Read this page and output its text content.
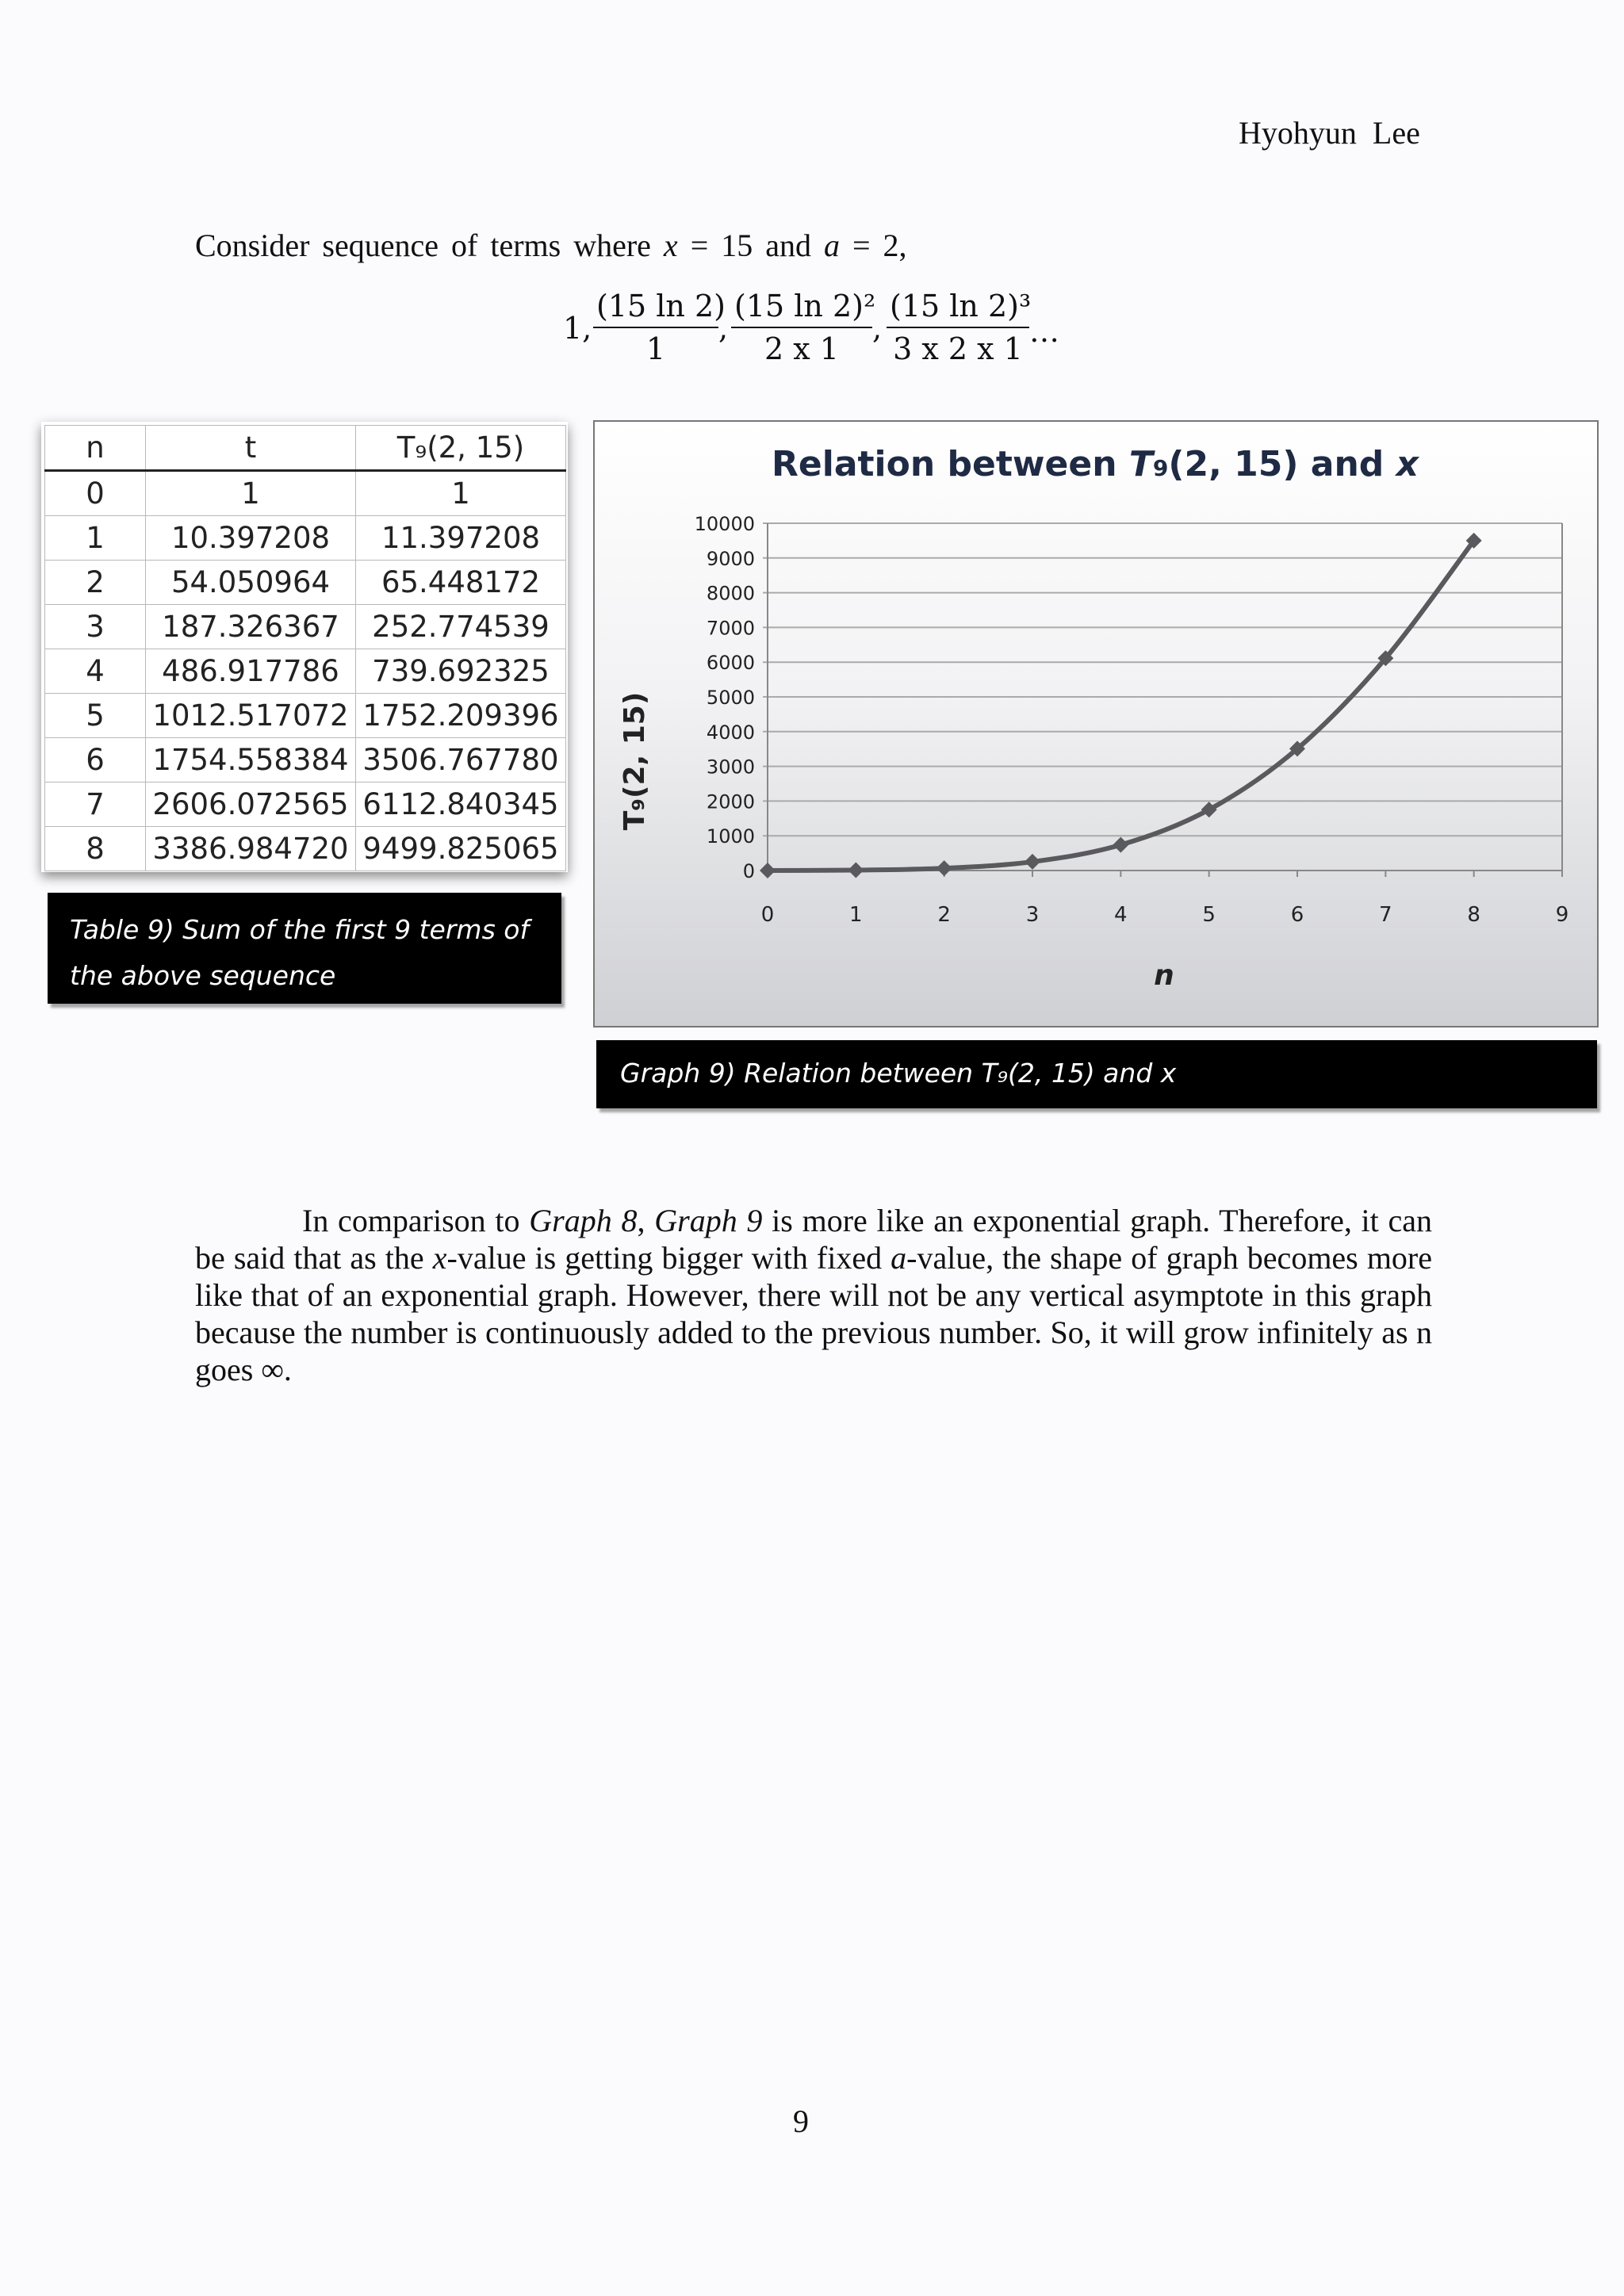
Hyohyun Lee
Consider sequence of terms where x = 15 and a = 2,
1,
(15 ln 2)
1
,
(15 ln 2)²
2 x 1
,
(15 ln 2)³
3 x 2 x 1 …
n	t	T₉(2, 15)
0	1	1
1	10.397208	11.397208
2	54.050964	65.448172
3	187.326367	252.774539
4	486.917786	739.692325
5	1012.517072	1752.209396
6	1754.558384	3506.767780
7	2606.072565	6112.840345
8	3386.984720	9499.825065
Table 9) Sum of the first 9 terms of
the above sequence
Relation between T9(2, 15) and x
n
T₉(2, 15)
0
1000
2000
3000
4000
5000
6000
7000
8000
9000
10000
0	1	2	3	4	5	6	7	8	9
Graph 9) Relation between T₉(2, 15) and x

In comparison to Graph 8, Graph 9 is more like an exponential graph. Therefore, it can be said that as the x-value is getting bigger with fixed a-value, the shape of graph becomes more like that of an exponential graph. However, there will not be any vertical asymptote in this graph because the number is continuously added to the previous number. So, it will grow infinitely as n goes ∞.

9
